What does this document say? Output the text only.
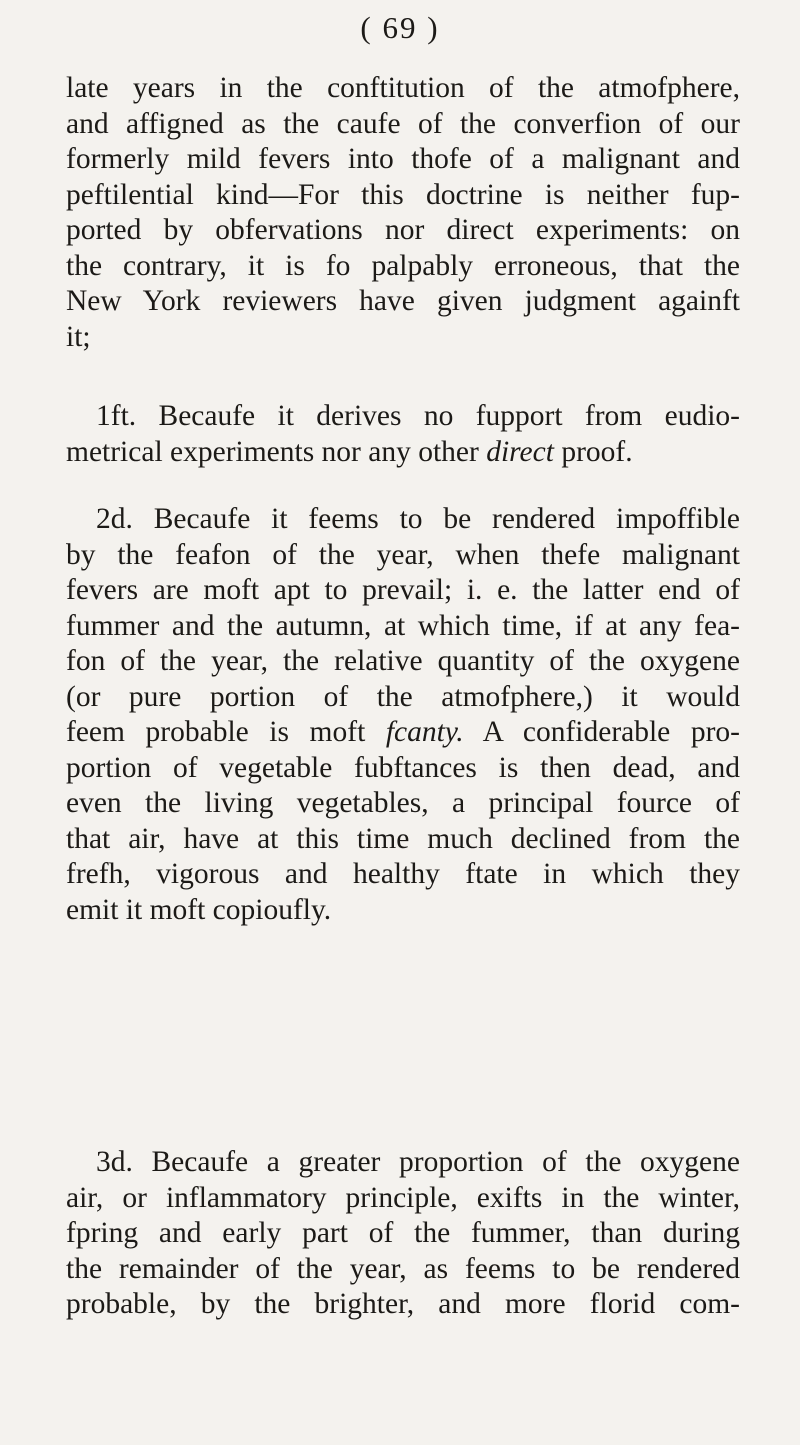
( 69 )
late years in the conftitution of the atmofphere,
and affigned as the caufe of the converfion of our
formerly mild fevers into thofe of a malignant and
peftilential kind—For this doctrine is neither fup-
ported by obfervations nor direct experiments: on
the contrary, it is fo palpably erroneous, that the
New York reviewers have given judgment againft
it;
1ft. Becaufe it derives no fupport from eudio-
metrical experiments nor any other direct proof.
2d. Becaufe it feems to be rendered impoffible
by the feafon of the year, when thefe malignant
fevers are moft apt to prevail; i. e. the latter end of
fummer and the autumn, at which time, if at any fea-
fon of the year, the relative quantity of the oxygene
(or pure portion of the atmofphere,) it would
feem probable is moft fcanty. A confiderable pro-
portion of vegetable fubftances is then dead, and
even the living vegetables, a principal fource of
that air, have at this time much declined from the
frefh, vigorous and healthy ftate in which they
emit it moft copioufly.
3d. Becaufe a greater proportion of the oxygene
air, or inflammatory principle, exifts in the winter,
fpring and early part of the fummer, than during
the remainder of the year, as feems to be rendered
probable, by the brighter, and more florid com-
